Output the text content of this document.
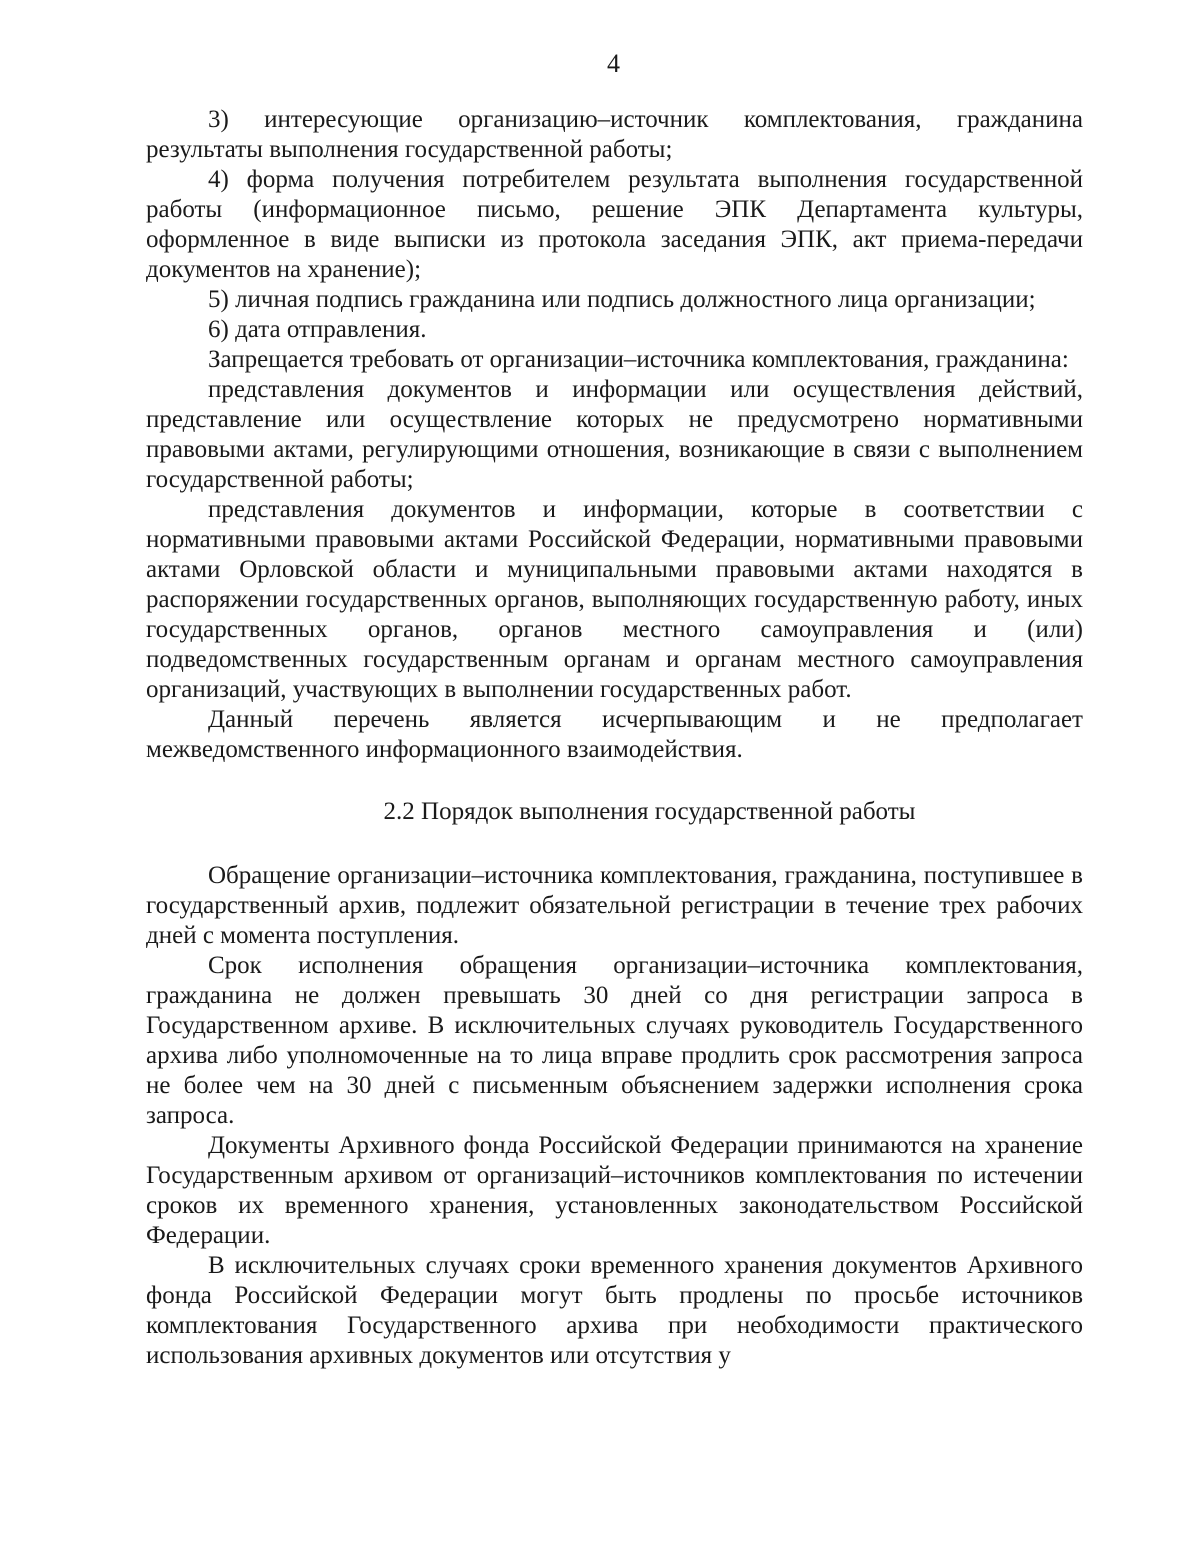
4
3) интересующие организацию–источник комплектования, гражданина результаты выполнения государственной работы;
4) форма получения потребителем результата выполнения государственной работы (информационное письмо, решение ЭПК Департамента культуры, оформленное в виде выписки из протокола заседания ЭПК, акт приема-передачи документов на хранение);
5) личная подпись гражданина или подпись должностного лица организации;
6) дата отправления.
Запрещается требовать от организации–источника комплектования, гражданина:
представления документов и информации или осуществления действий, представление или осуществление которых не предусмотрено нормативными правовыми актами, регулирующими отношения, возникающие в связи с выполнением государственной работы;
представления документов и информации, которые в соответствии с нормативными правовыми актами Российской Федерации, нормативными правовыми актами Орловской области и муниципальными правовыми актами находятся в распоряжении государственных органов, выполняющих государственную работу, иных государственных органов, органов местного самоуправления и (или) подведомственных государственным органам и органам местного самоуправления организаций, участвующих в выполнении государственных работ.
Данный перечень является исчерпывающим и не предполагает межведомственного информационного взаимодействия.

2.2 Порядок выполнения государственной работы

Обращение организации–источника комплектования, гражданина, поступившее в государственный архив, подлежит обязательной регистрации в течение трех рабочих дней с момента поступления.
Срок исполнения обращения организации–источника комплектования, гражданина не должен превышать 30 дней со дня регистрации запроса в Государственном архиве. В исключительных случаях руководитель Государственного архива либо уполномоченные на то лица вправе продлить срок рассмотрения запроса не более чем на 30 дней с письменным объяснением задержки исполнения срока запроса.
Документы Архивного фонда Российской Федерации принимаются на хранение Государственным архивом от организаций–источников комплектования по истечении сроков их временного хранения, установленных законодательством Российской Федерации.
В исключительных случаях сроки временного хранения документов Архивного фонда Российской Федерации могут быть продлены по просьбе источников комплектования Государственного архива при необходимости практического использования архивных документов или отсутствия у
